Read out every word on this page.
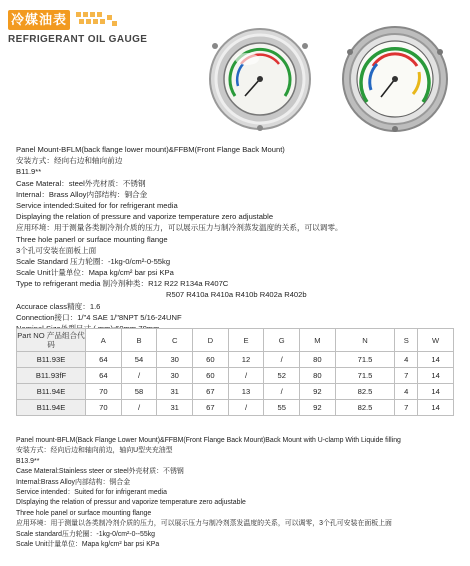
冷媒油表
REFRIGERANT OIL GAUGE
Panel Mount-BFLM(back flange lower mount)&FFBM(Front Flange Back Mount)
安装方式：经向右边和轴向前边
B11.9**
Case Materal：steel外壳材质：不锈钢
Internal：Brass Alloy内部结构：铜合金
Service intended:Suited for for refrigerant media
Displaying the relation of pressure and vaporize temperature zero adjustable
应用环境：用于测量各类制冷剂介质的压力，可以展示压力与制冷剂蒸发温度的关系，可以调零。
Three hole panerl or surface mounting flange
3个孔可安装在面板上面
Scale Standard 压力轮圈：-1kg-0/cm²-0-55kg
Scale Unit计量单位：Mapa kg/cm² bar psi KPa
Type to refrigerant media 制冷剂种类：R12 R22 R134a R407C
R507 R410a R410a R410b R402a R402b
Accurace class精度：1.6
Connection接口：1/"4 SAE 1/"8NPT 5/16-24UNF
Part NO 产品组合代码	A	B	C	D	E	G	M	N	S	W
B11.93E	64	54	30	60	12	/	80	71.5	4	14
B11.93fF	64	/	30	60	/	52	80	71.5	7	14
B11.94E	70	58	31	67	13	/	92	82.5	4	14
B11.94E	70	/	31	67	/	55	92	82.5	7	14
Panel mount-BFLM(Back Flange Lower Mount)&FFBM(Front Flange Back Mount)Back Mount with U-clamp With Liquide filling
安装方式：经向后边和轴向前边，轴向U型夹充油型
B13.9**
Case Materal:Stainless steer or steel外壳材质：不锈钢
Internal:Brass Alloy内部结构：铜合金
Service intended：Suited for for infrigerant media
DIsplaying the relation of pressur and vaporize temperature zero adjustable
Three hole panel or surface mounting flange
应用环境：用于测量以各类制冷剂介质的压力，可以展示压力与制冷剂蒸发温度的关系，可以调零，3个孔可安装在面板上面
Scale standard压力轮圈：-1kg-0/cm²-0--55kg
Scale Unit计量单位：Mapa kg/cm² bar psi KPa
